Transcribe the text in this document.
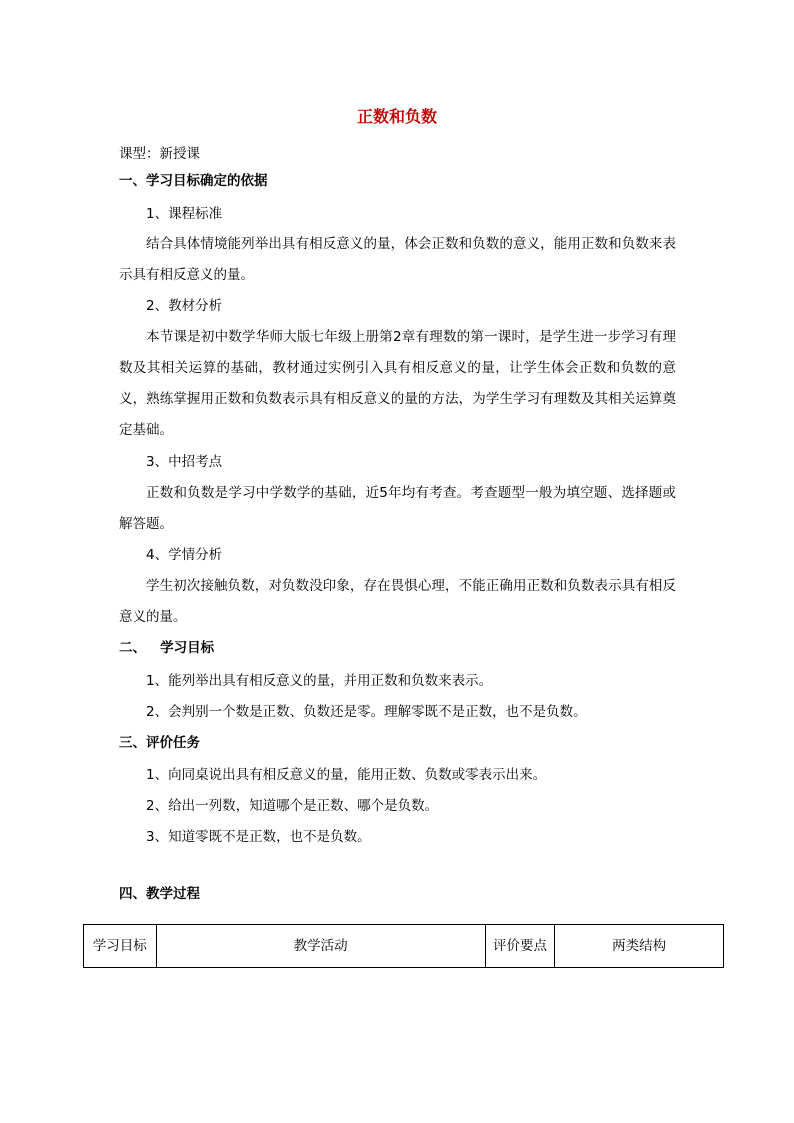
正数和负数
课型：新授课
一、学习目标确定的依据
1、课程标准

结合具体情境能列举出具有相反意义的量，体会正数和负数的意义，能用正数和负数来表示具有相反意义的量。

2、教材分析

本节课是初中数学华师大版七年级上册第2章有理数的第一课时，是学生进一步学习有理数及其相关运算的基础，教材通过实例引入具有相反意义的量，让学生体会正数和负数的意义，熟练掌握用正数和负数表示具有相反意义的量的方法，为学生学习有理数及其相关运算奠定基础。

3、中招考点

正数和负数是学习中学数学的基础，近5年均有考查。考查题型一般为填空题、选择题或解答题。

4、学情分析

学生初次接触负数，对负数没印象，存在畏惧心理，不能正确用正数和负数表示具有相反意义的量。

二、   学习目标
1、能列举出具有相反意义的量，并用正数和负数来表示。
2、会判别一个数是正数、负数还是零。理解零既不是正数，也不是负数。
三、评价任务
1、向同桌说出具有相反意义的量，能用正数、负数或零表示出来。
2、给出一列数，知道哪个是正数、哪个是负数。
3、知道零既不是正数，也不是负数。
四、教学过程
学习目标	教学活动	评价要点	两类结构
